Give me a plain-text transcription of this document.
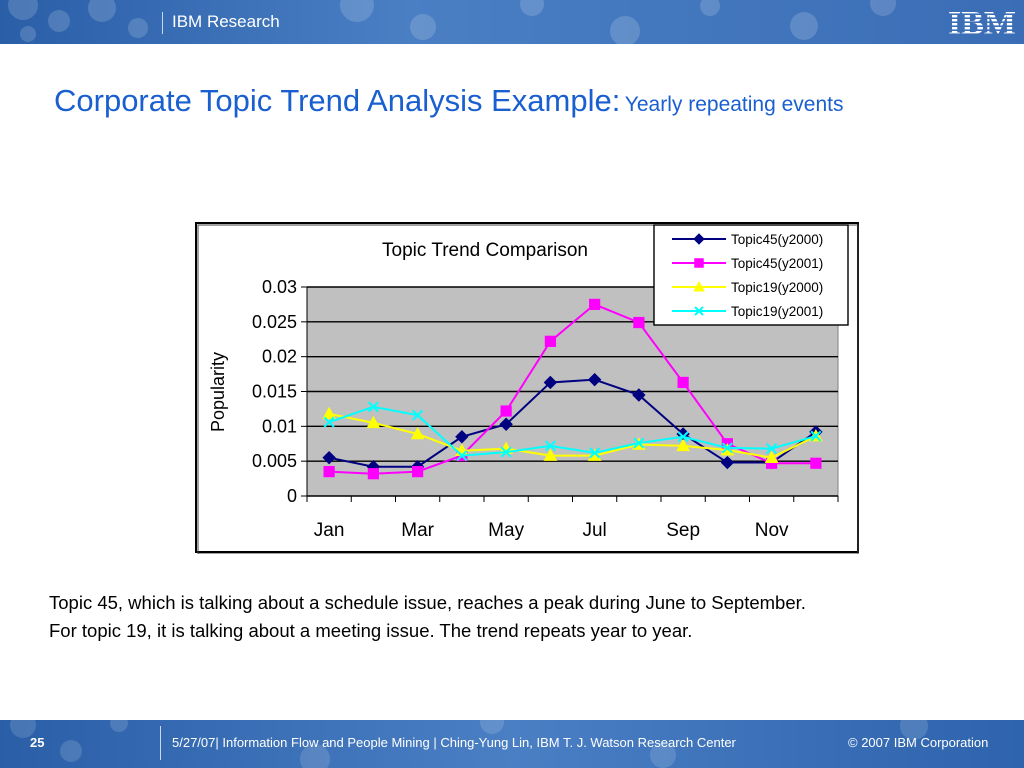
IBM Research	IBM
Corporate Topic Trend Analysis Example: Yearly repeating events
0
0.005
0.01
0.015
0.02
0.025
0.03
Jan	Mar	May	Jul	Sep	Nov
Topic Trend Comparison
Popularity
Topic45(y2000)
Topic45(y2001)
Topic19(y2000)
Topic19(y2001)
Topic 45, which is talking about a schedule issue, reaches a peak during June to September.
For topic 19, it is talking about a meeting issue. The trend repeats year to year.
25	5/27/07| Information Flow and People Mining | Ching-Yung Lin, IBM T. J. Watson Research Center	© 2007 IBM Corporation
